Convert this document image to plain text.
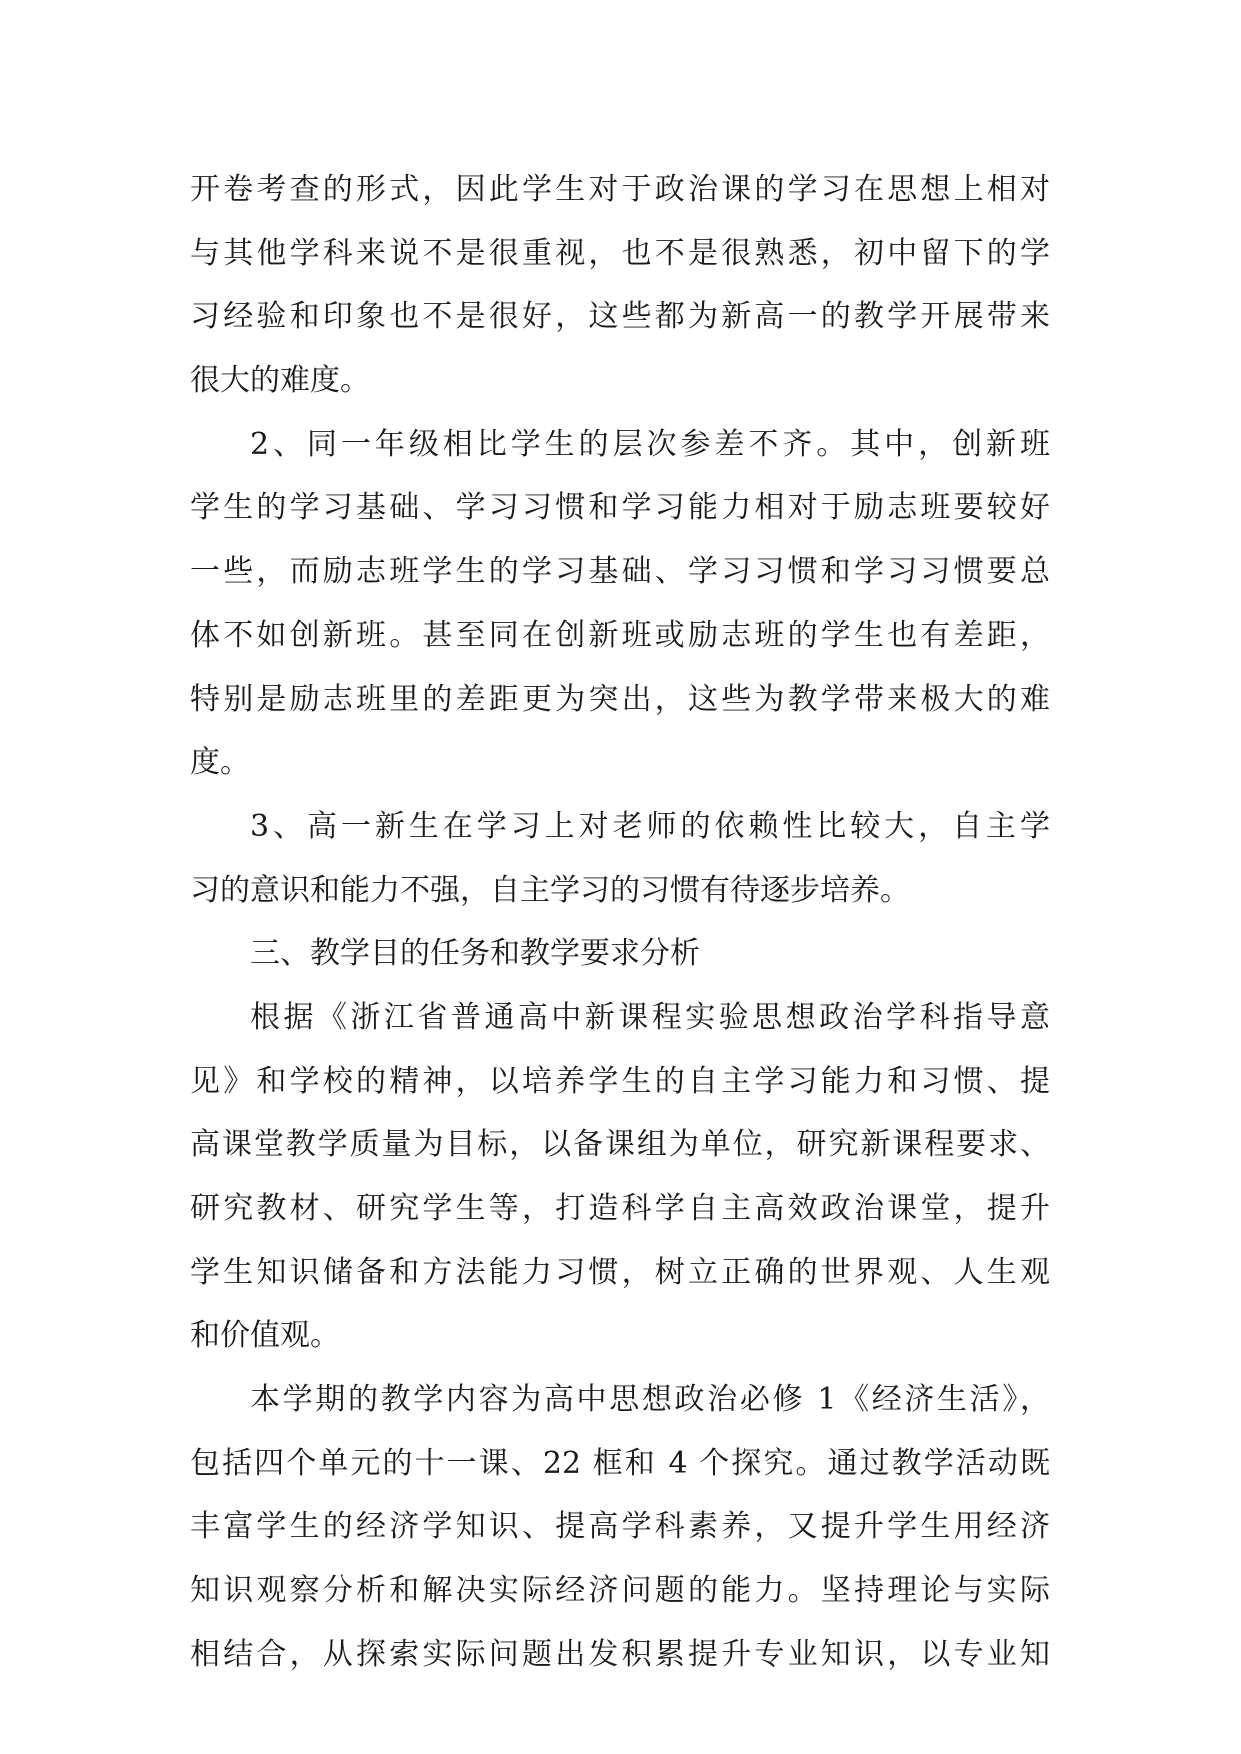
开卷考查的形式，因此学生对于政治课的学习在思想上相对
与其他学科来说不是很重视，也不是很熟悉，初中留下的学
习经验和印象也不是很好，这些都为新高一的教学开展带来
很大的难度。
2、同一年级相比学生的层次参差不齐。其中，创新班
学生的学习基础、学习习惯和学习能力相对于励志班要较好
一些，而励志班学生的学习基础、学习习惯和学习习惯要总
体不如创新班。甚至同在创新班或励志班的学生也有差距，
特别是励志班里的差距更为突出，这些为教学带来极大的难
度。
3、高一新生在学习上对老师的依赖性比较大，自主学
习的意识和能力不强，自主学习的习惯有待逐步培养。
三、教学目的任务和教学要求分析
根据《浙江省普通高中新课程实验思想政治学科指导意
见》和学校的精神，以培养学生的自主学习能力和习惯、提
高课堂教学质量为目标，以备课组为单位，研究新课程要求、
研究教材、研究学生等，打造科学自主高效政治课堂，提升
学生知识储备和方法能力习惯，树立正确的世界观、人生观
和价值观。
本学期的教学内容为高中思想政治必修 1《经济生活》，
包括四个单元的十一课、22 框和 4 个探究。通过教学活动既
丰富学生的经济学知识、提高学科素养，又提升学生用经济
知识观察分析和解决实际经济问题的能力。坚持理论与实际
相结合，从探索实际问题出发积累提升专业知识，以专业知
